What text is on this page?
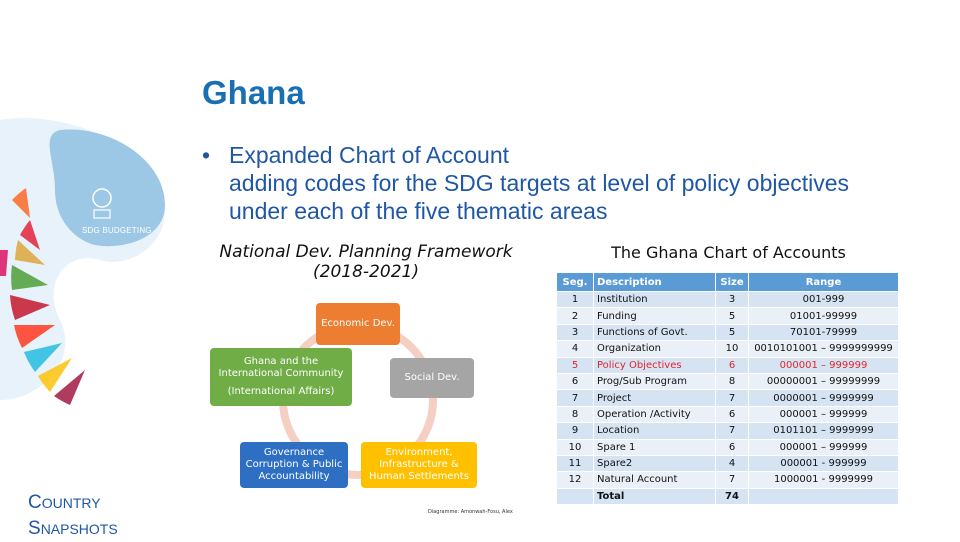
SDG BUDGETING
Ghana
• Expanded Chart of Account
adding codes for the SDG targets at level of policy objectives
under each of the five thematic areas
National Dev. Planning Framework
(2018-2021)
Economic Dev.
Ghana and the
International Community
(International Affairs)
Social Dev.
Governance Corruption & Public Accountability
Environment, Infrastructure & Human Settlements
Diagramme: Amonwah-Fosu, Alex
The Ghana Chart of Accounts
Seg.	Description	Size	Range
1	Institution	3	001-999
2	Funding	5	01001-99999
3	Functions of Govt.	5	70101-79999
4	Organization	10	0010101001 – 9999999999
5	Policy Objectives	6	000001 – 999999
6	Prog/Sub Program	8	00000001 – 99999999
7	Project	7	0000001 – 9999999
8	Operation /Activity	6	000001 – 999999
9	Location	7	0101101 – 9999999
10	Spare 1	6	000001 – 999999
11	Spare2	4	000001 - 999999
12	Natural Account	7	1000001 - 9999999
	Total	74	
COUNTRY
SNAPSHOTS
